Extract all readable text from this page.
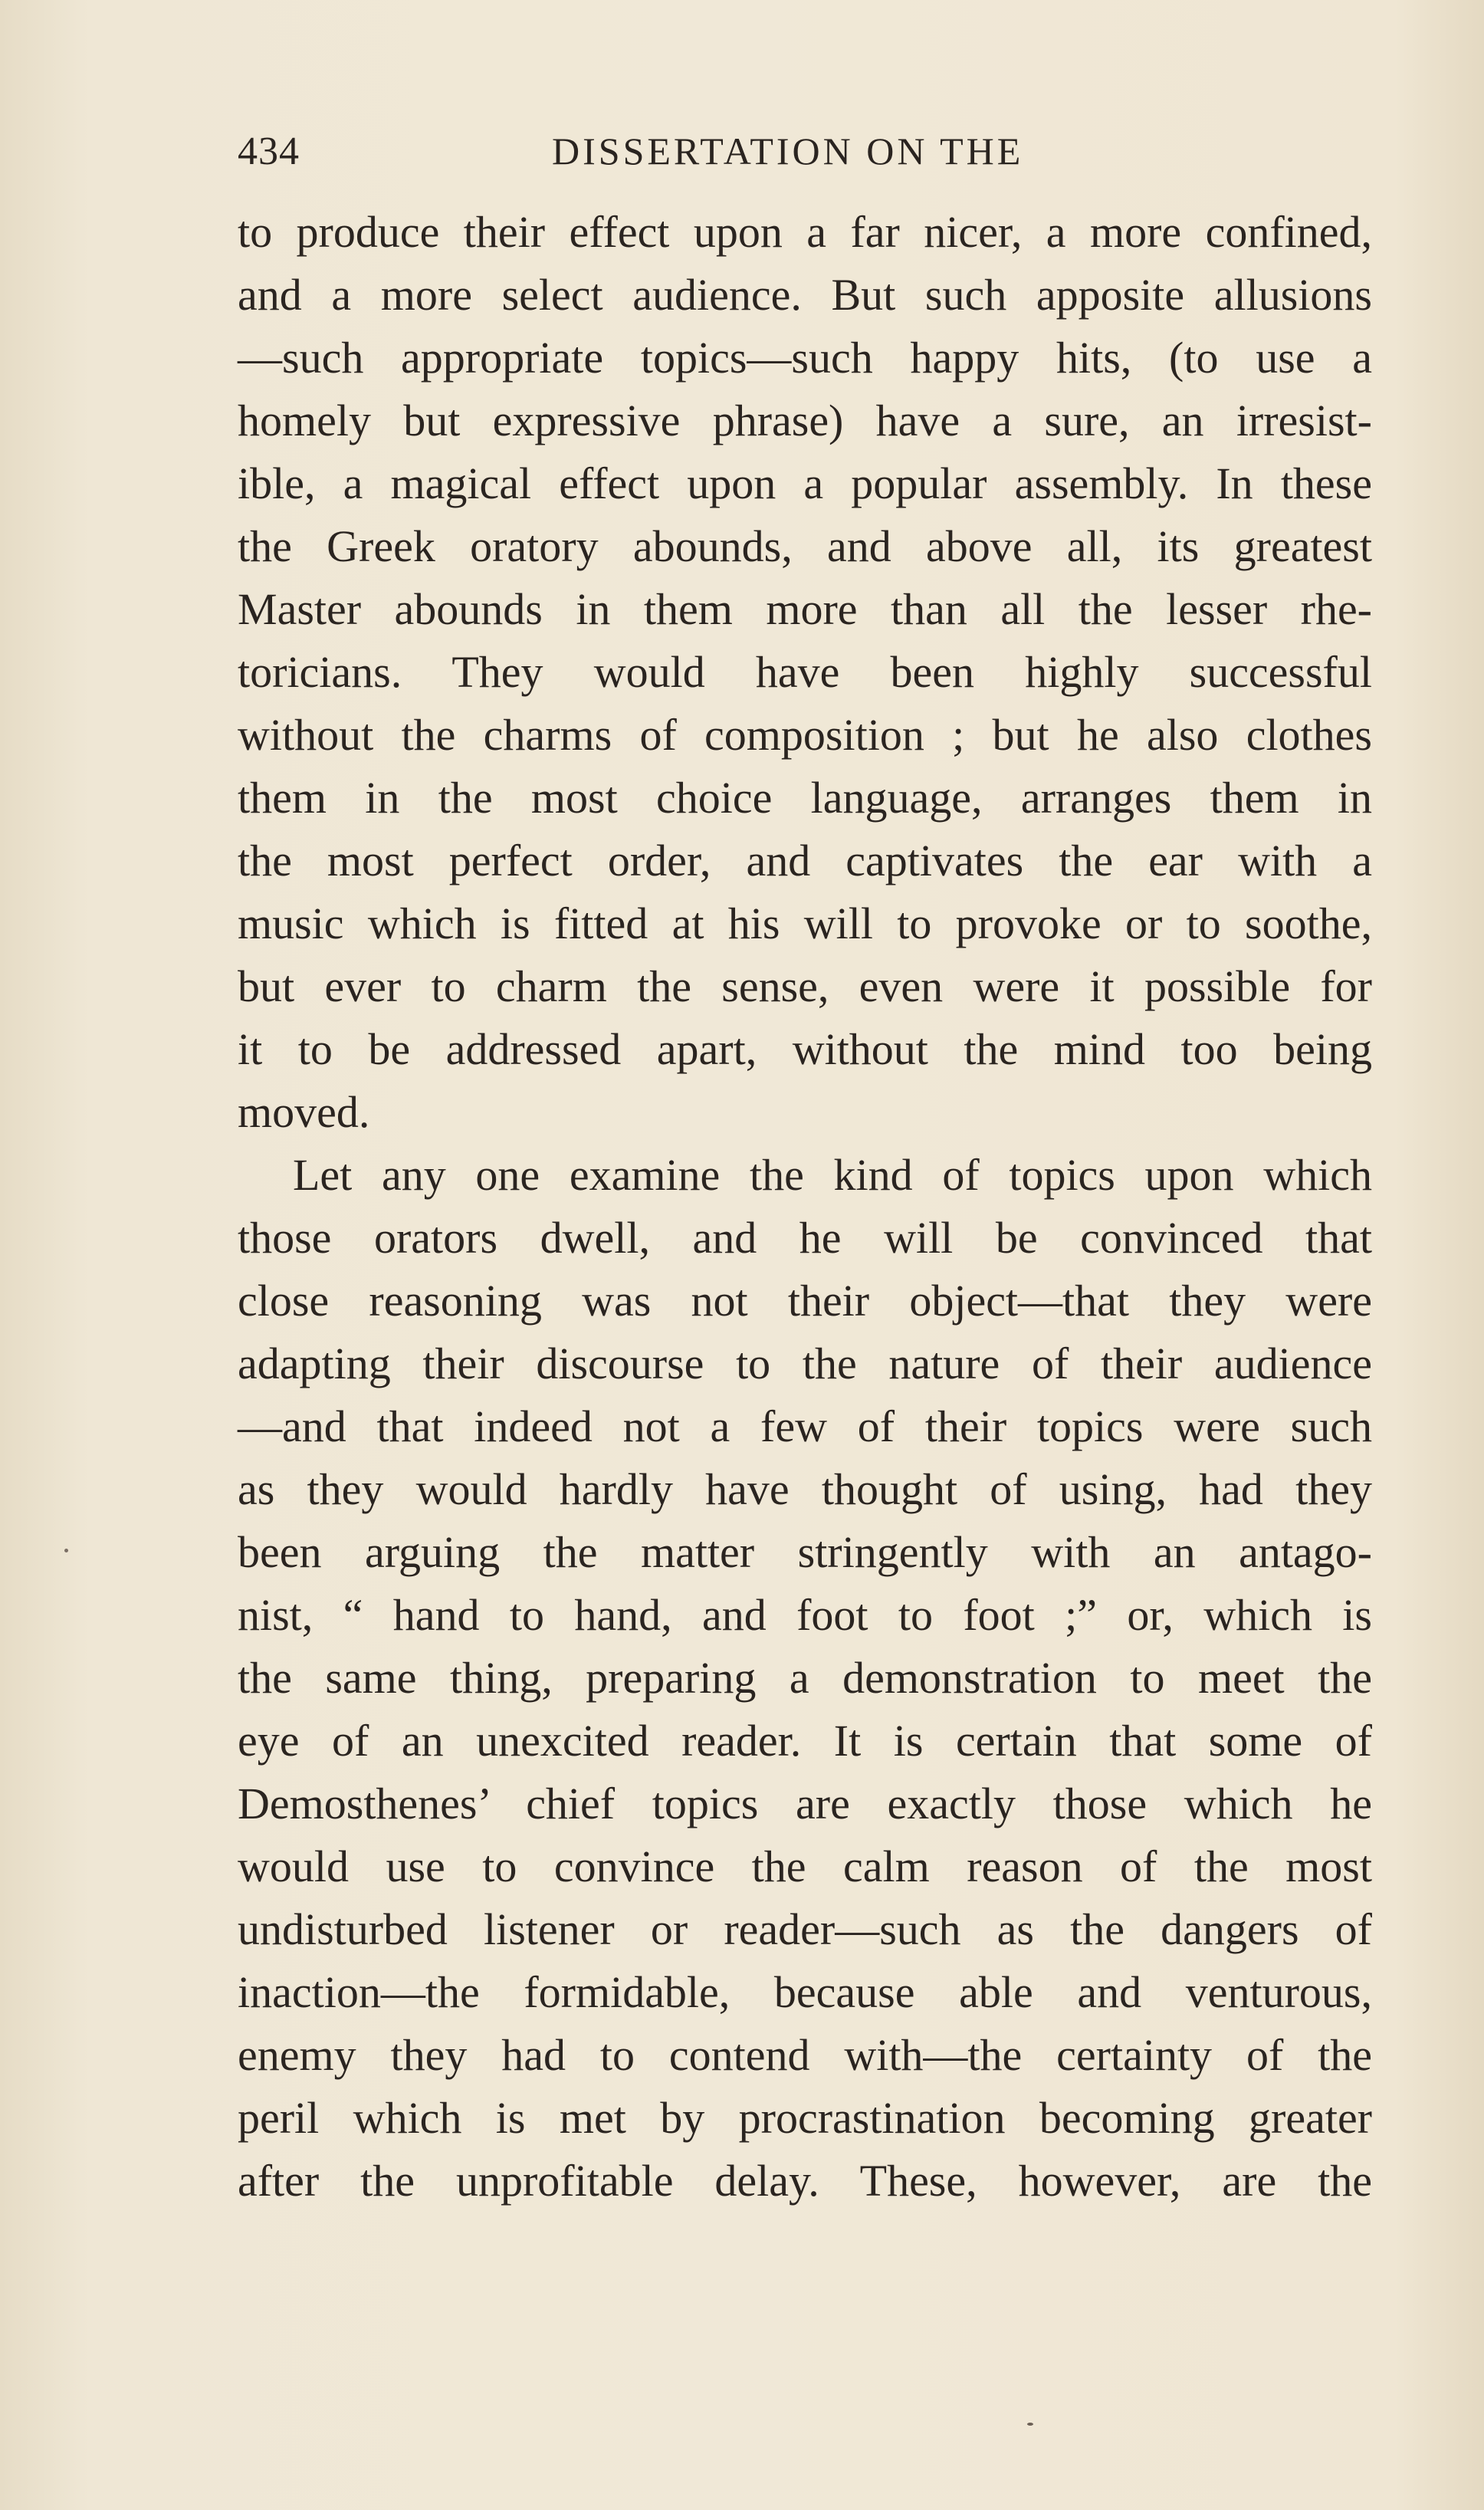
434	DISSERTATION ON THE
to produce their effect upon a far nicer, a more confined,
and a more select audience. But such apposite allusions
—such appropriate topics—such happy hits, (to use a
homely but expressive phrase) have a sure, an irresist-
ible, a magical effect upon a popular assembly. In these
the Greek oratory abounds, and above all, its greatest
Master abounds in them more than all the lesser rhe-
toricians. They would have been highly successful
without the charms of composition ; but he also clothes
them in the most choice language, arranges them in
the most perfect order, and captivates the ear with a
music which is fitted at his will to provoke or to soothe,
but ever to charm the sense, even were it possible for
it to be addressed apart, without the mind too being
moved.
Let any one examine the kind of topics upon which
those orators dwell, and he will be convinced that
close reasoning was not their object—that they were
adapting their discourse to the nature of their audience
—and that indeed not a few of their topics were such
as they would hardly have thought of using, had they
been arguing the matter stringently with an antago-
nist, “ hand to hand, and foot to foot ;” or, which is
the same thing, preparing a demonstration to meet the
eye of an unexcited reader. It is certain that some of
Demosthenes’ chief topics are exactly those which he
would use to convince the calm reason of the most
undisturbed listener or reader—such as the dangers of
inaction—the formidable, because able and venturous,
enemy they had to contend with—the certainty of the
peril which is met by procrastination becoming greater
after the unprofitable delay. These, however, are the
